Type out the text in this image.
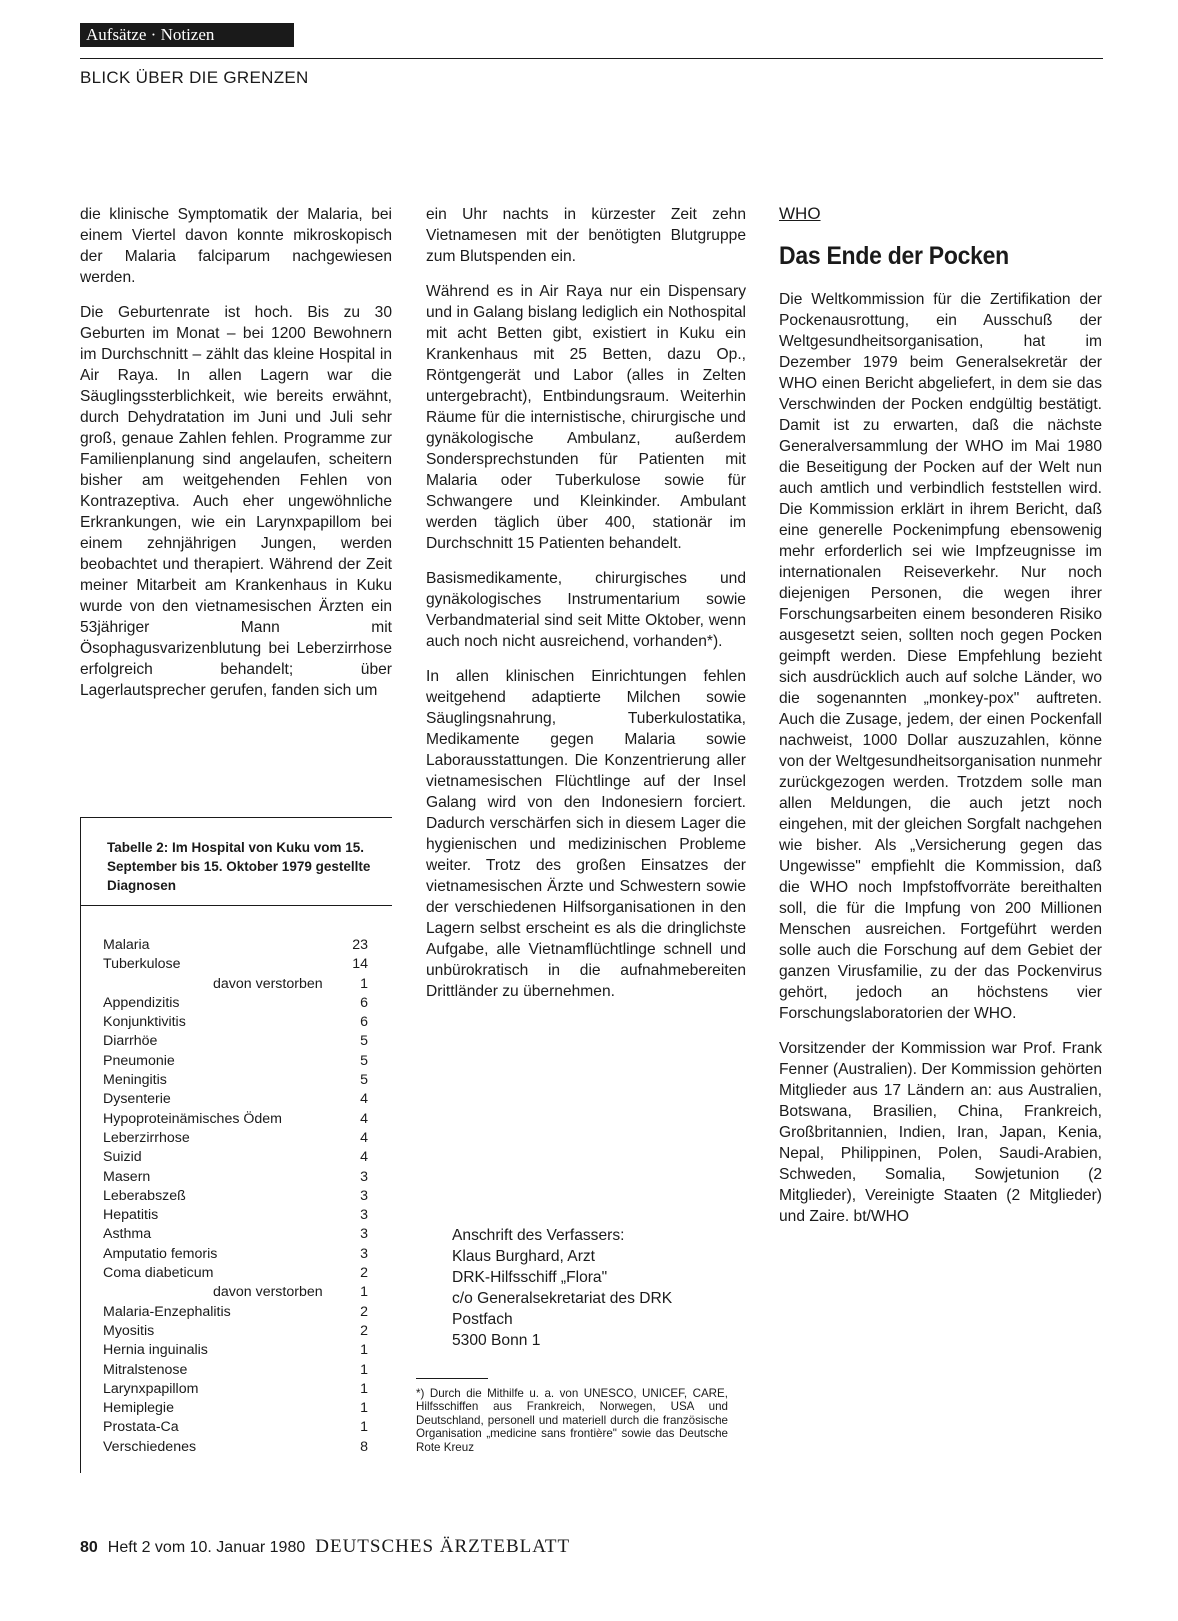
Aufsätze · Notizen
BLICK ÜBER DIE GRENZEN

die klinische Symptomatik der Malaria, bei einem Viertel davon konnte mikroskopisch der Malaria falciparum nachgewiesen werden.

Die Geburtenrate ist hoch. Bis zu 30 Geburten im Monat – bei 1200 Bewohnern im Durchschnitt – zählt das kleine Hospital in Air Raya. In allen Lagern war die Säuglingssterblichkeit, wie bereits erwähnt, durch Dehydratation im Juni und Juli sehr groß, genaue Zahlen fehlen. Programme zur Familienplanung sind angelaufen, scheitern bisher am weitgehenden Fehlen von Kontrazeptiva. Auch eher ungewöhnliche Erkrankungen, wie ein Larynxpapillom bei einem zehnjährigen Jungen, werden beobachtet und therapiert. Während der Zeit meiner Mitarbeit am Krankenhaus in Kuku wurde von den vietnamesischen Ärzten ein 53jähriger Mann mit Ösophagusvarizenblutung bei Leberzirrhose erfolgreich behandelt; über Lagerlautsprecher gerufen, fanden sich um

Tabelle 2: Im Hospital von Kuku vom 15. September bis 15. Oktober 1979 gestellte Diagnosen

Malaria	23
Tuberkulose	14
davon verstorben	1
Appendizitis	6
Konjunktivitis	6
Diarrhöe	5
Pneumonie	5
Meningitis	5
Dysenterie	4
Hypoproteinämisches Ödem	4
Leberzirrhose	4
Suizid	4
Masern	3
Leberabszeß	3
Hepatitis	3
Asthma	3
Amputatio femoris	3
Coma diabeticum	2
davon verstorben	1
Malaria-Enzephalitis	2
Myositis	2
Hernia inguinalis	1
Mitralstenose	1
Larynxpapillom	1
Hemiplegie	1
Prostata-Ca	1
Verschiedenes	8

ein Uhr nachts in kürzester Zeit zehn Vietnamesen mit der benötigten Blutgruppe zum Blutspenden ein.

Während es in Air Raya nur ein Dispensary und in Galang bislang lediglich ein Nothospital mit acht Betten gibt, existiert in Kuku ein Krankenhaus mit 25 Betten, dazu Op., Röntgengerät und Labor (alles in Zelten untergebracht), Entbindungsraum. Weiterhin Räume für die internistische, chirurgische und gynäkologische Ambulanz, außerdem Sondersprechstunden für Patienten mit Malaria oder Tuberkulose sowie für Schwangere und Kleinkinder. Ambulant werden täglich über 400, stationär im Durchschnitt 15 Patienten behandelt.

Basismedikamente, chirurgisches und gynäkologisches Instrumentarium sowie Verbandmaterial sind seit Mitte Oktober, wenn auch noch nicht ausreichend, vorhanden*).

In allen klinischen Einrichtungen fehlen weitgehend adaptierte Milchen sowie Säuglingsnahrung, Tuberkulostatika, Medikamente gegen Malaria sowie Laborausstattungen. Die Konzentrierung aller vietnamesischen Flüchtlinge auf der Insel Galang wird von den Indonesiern forciert. Dadurch verschärfen sich in diesem Lager die hygienischen und medizinischen Probleme weiter. Trotz des großen Einsatzes der vietnamesischen Ärzte und Schwestern sowie der verschiedenen Hilfsorganisationen in den Lagern selbst erscheint es als die dringlichste Aufgabe, alle Vietnamflüchtlinge schnell und unbürokratisch in die aufnahmebereiten Drittländer zu übernehmen.

Anschrift des Verfassers:
Klaus Burghard, Arzt
DRK-Hilfsschiff „Flora"
c/o Generalsekretariat des DRK
Postfach
5300 Bonn 1

*) Durch die Mithilfe u. a. von UNESCO, UNICEF, CARE, Hilfsschiffen aus Frankreich, Norwegen, USA und Deutschland, personell und materiell durch die französische Organisation „medicine sans frontière" sowie das Deutsche Rote Kreuz

WHO
Das Ende der Pocken

Die Weltkommission für die Zertifikation der Pockenausrottung, ein Ausschuß der Weltgesundheitsorganisation, hat im Dezember 1979 beim Generalsekretär der WHO einen Bericht abgeliefert, in dem sie das Verschwinden der Pocken endgültig bestätigt. Damit ist zu erwarten, daß die nächste Generalversammlung der WHO im Mai 1980 die Beseitigung der Pocken auf der Welt nun auch amtlich und verbindlich feststellen wird. Die Kommission erklärt in ihrem Bericht, daß eine generelle Pockenimpfung ebensowenig mehr erforderlich sei wie Impfzeugnisse im internationalen Reiseverkehr. Nur noch diejenigen Personen, die wegen ihrer Forschungsarbeiten einem besonderen Risiko ausgesetzt seien, sollten noch gegen Pocken geimpft werden. Diese Empfehlung bezieht sich ausdrücklich auch auf solche Länder, wo die sogenannten „monkey-pox" auftreten. Auch die Zusage, jedem, der einen Pockenfall nachweist, 1000 Dollar auszuzahlen, könne von der Weltgesundheitsorganisation nunmehr zurückgezogen werden. Trotzdem solle man allen Meldungen, die auch jetzt noch eingehen, mit der gleichen Sorgfalt nachgehen wie bisher. Als „Versicherung gegen das Ungewisse" empfiehlt die Kommission, daß die WHO noch Impfstoffvorräte bereithalten soll, die für die Impfung von 200 Millionen Menschen ausreichen. Fortgeführt werden solle auch die Forschung auf dem Gebiet der ganzen Virusfamilie, zu der das Pockenvirus gehört, jedoch an höchstens vier Forschungslaboratorien der WHO.

Vorsitzender der Kommission war Prof. Frank Fenner (Australien). Der Kommission gehörten Mitglieder aus 17 Ländern an: aus Australien, Botswana, Brasilien, China, Frankreich, Großbritannien, Indien, Iran, Japan, Kenia, Nepal, Philippinen, Polen, Saudi-Arabien, Schweden, Somalia, Sowjetunion (2 Mitglieder), Vereinigte Staaten (2 Mitglieder) und Zaire. bt/WHO

80 Heft 2 vom 10. Januar 1980 DEUTSCHES ÄRZTEBLATT
